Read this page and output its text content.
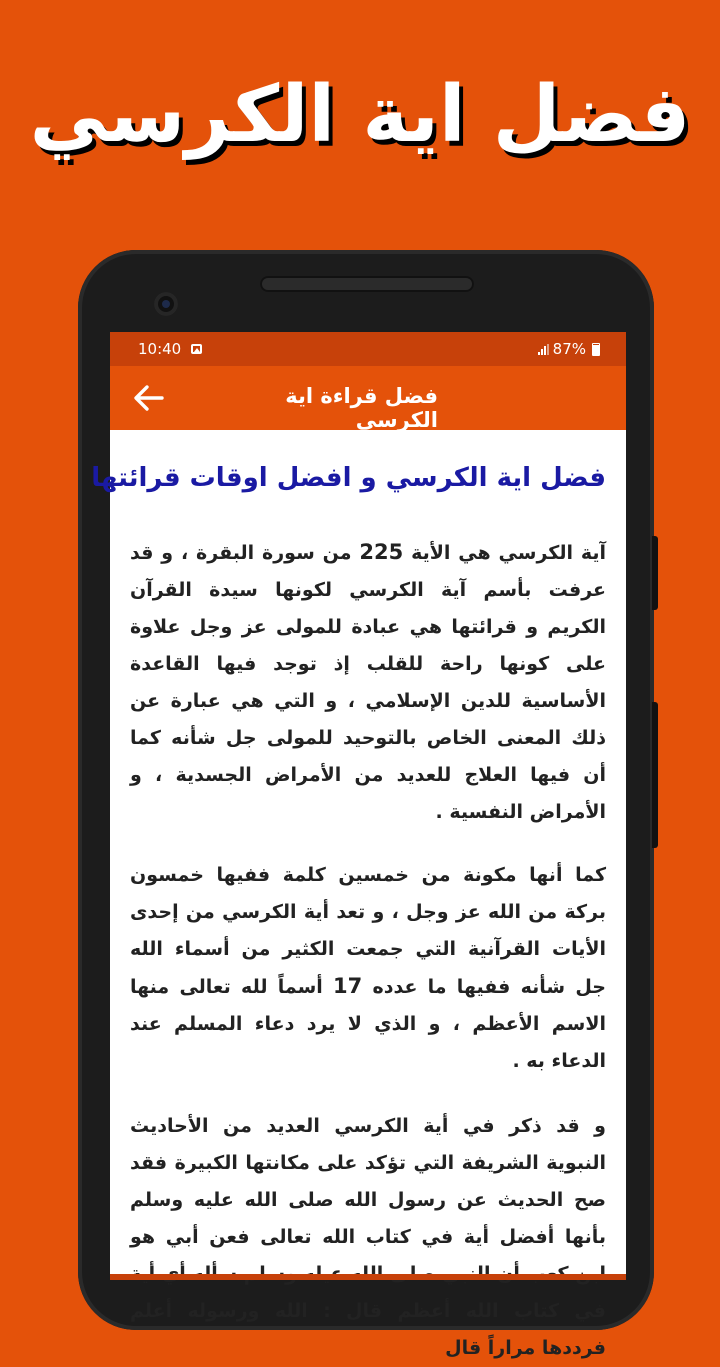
فضل اية الكرسي
10:40	87%
فضل قراءة اية الكرسي
فضل اية الكرسي و افضل اوقات قرائتها

آية الكرسي هي الأية 225 من سورة البقرة ، و قد عرفت بأسم آية الكرسي لكونها سيدة القرآن الكريم و قرائتها هي عبادة للمولى عز وجل علاوة على كونها راحة للقلب إذ توجد فيها القاعدة الأساسية للدين الإسلامي ، و التي هي عبارة عن ذلك المعنى الخاص بالتوحيد للمولى جل شأنه كما أن فيها العلاج للعديد من الأمراض الجسدية ، و الأمراض النفسية .

كما أنها مكونة من خمسين كلمة ففيها خمسون بركة من الله عز وجل ، و تعد أية الكرسي من إحدى الأيات القرآنية التي جمعت الكثير من أسماء الله جل شأنه ففيها ما عدده 17 أسماً لله تعالى منها الاسم الأعظم ، و الذي لا يرد دعاء المسلم عند الدعاء به .

و قد ذكر في أية الكرسي العديد من الأحاديث النبوية الشريفة التي تؤكد على مكانتها الكبيرة فقد صح الحديث عن رسول الله صلى الله عليه وسلم بأنها أفضل أية في كتاب الله تعالى فعن أبي هو في كتاب الله أعظم قال : الله ورسوله أعلم فرددها مراراً قال
